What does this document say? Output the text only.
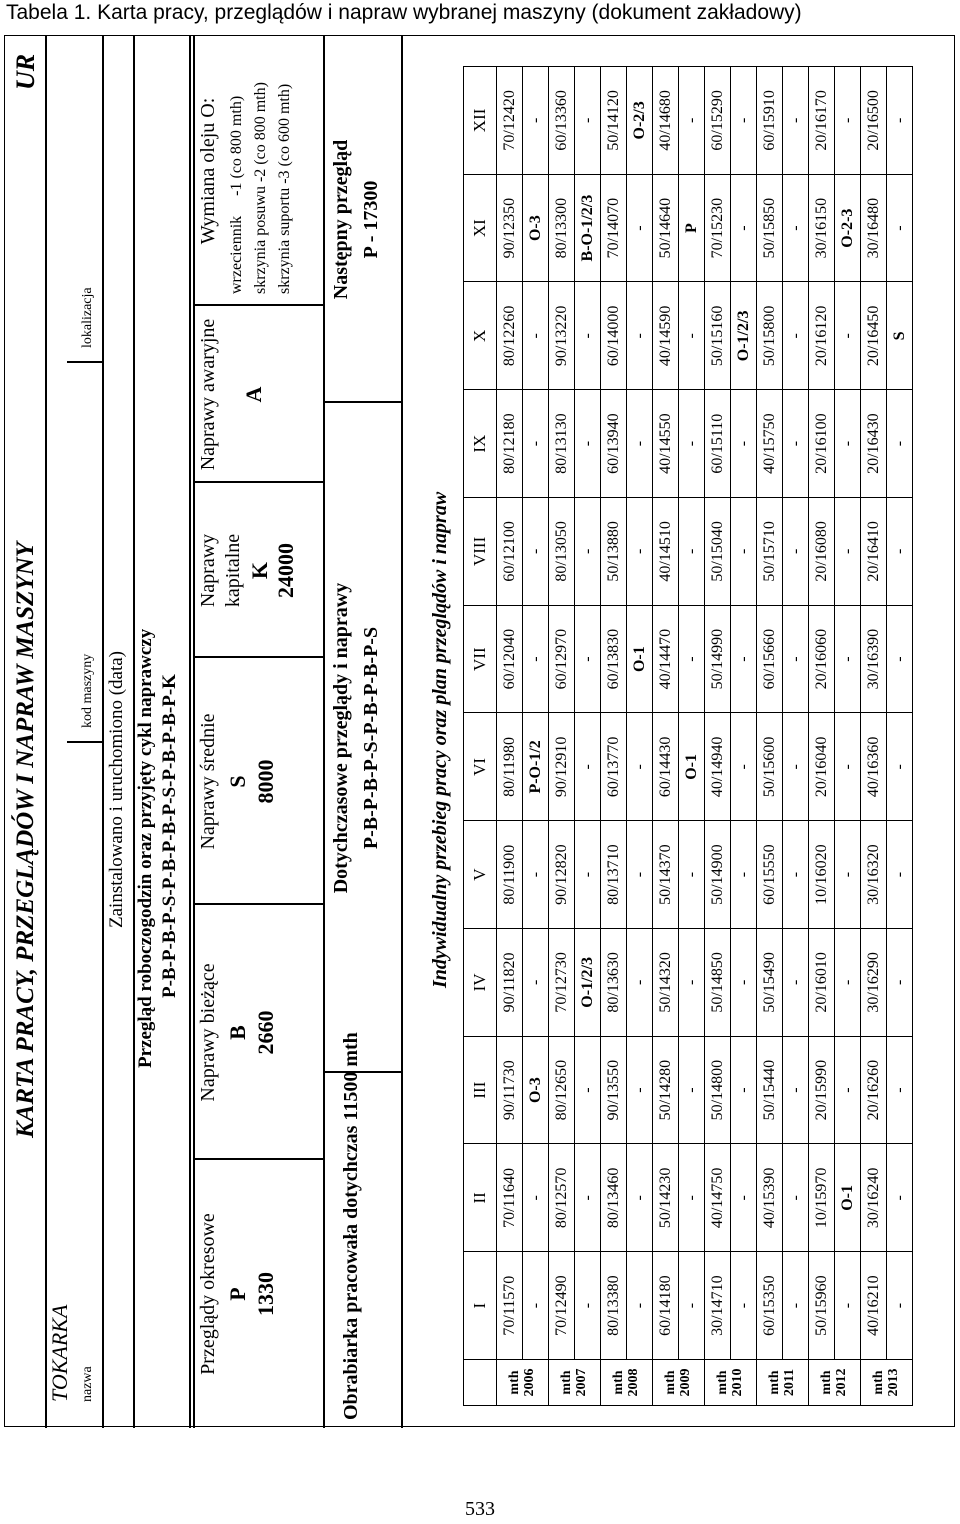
Tabela 1. Karta pracy, przeglądów i napraw wybranej maszyny (dokument zakładowy)
KARTA PRACY, PRZEGLĄDÓW I NAPRAW MASZYNY
UR
TOKARKA nazwa
kod maszyny
lokalizacja
Zainstalowano i uruchomiono (data) Przegląd roboczogodzin oraz przyjęty cykl naprawczy P-B-P-B-P-S-P-B-P-B-P-S-P-B-P-B-P-K
Przeglądy okresowe P 1330
Naprawy bieżące B 2660
Naprawy średnie S 8000
Naprawy kapitalne K 24000
Naprawy awaryjne A
Wymiana oleju O: wrzeciennik     -1 (co 800 mth) skrzynia posuwu -2 (co 800 mth) skrzynia suportu -3 (co 600 mth)
Obrabiarka pracowała dotychczas 11500 mth
Dotychczasowe przeglądy i naprawy P-B-P-B-P-S-P-B-P-B-P-S
Następny przegląd P - 17300
Indywidualny przebieg pracy oraz plan przeglądów i napraw
	I	II	III	IV	V	VI	VII	VIII	IX	X	XI	XII

mth 2006	70/11570	70/11640	90/11730	90/11820	80/11900	80/11980	60/12040	60/12100	80/12180	80/12260	90/12350	70/12420
	-	-	O-3	-	-	P-O-1/2	-	-	-	-	O-3	-

mth 2007	70/12490	80/12570	80/12650	70/12730	90/12820	90/12910	60/12970	80/13050	80/13130	90/13220	80/13300	60/13360
	-	-	-	O-1/2/3	-	-	-	-	-	-	B-O-1/2/3	-

mth 2008	80/13380	80/13460	90/13550	80/13630	80/13710	60/13770	60/13830	50/13880	60/13940	60/14000	70/14070	50/14120
	-	-	-	-	-	-	O-1	-	-	-	-	O-2/3

mth 2009	60/14180	50/14230	50/14280	50/14320	50/14370	60/14430	40/14470	40/14510	40/14550	40/14590	50/14640	40/14680
	-	-	-	-	-	O-1	-	-	-	-	P	-

mth 2010	30/14710	40/14750	50/14800	50/14850	50/14900	40/14940	50/14990	50/15040	60/15110	50/15160	70/15230	60/15290
	-	-	-	-	-	-	-	-	-	O-1/2/3	-	-

mth 2011	60/15350	40/15390	50/15440	50/15490	60/15550	50/15600	60/15660	50/15710	40/15750	50/15800	50/15850	60/15910
	-	-	-	-	-	-	-	-	-	-	-	-

mth 2012	50/15960	10/15970	20/15990	20/16010	10/16020	20/16040	20/16060	20/16080	20/16100	20/16120	30/16150	20/16170
	-	O-1	-	-	-	-	-	-	-	-	O-2-3	-

mth 2013	40/16210	30/16240	20/16260	30/16290	30/16320	40/16360	30/16390	20/16410	20/16430	20/16450	30/16480	20/16500
	-	-	-	-	-	-	-	-	-	S	-	-
533
